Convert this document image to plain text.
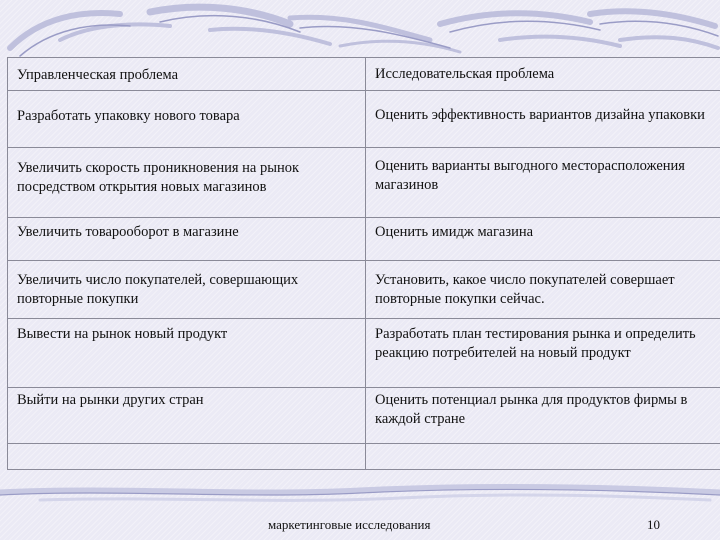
Управленческая проблема	Исследовательская проблема
Разработать упаковку нового товара	Оценить эффективность вариантов дизайна упаковки
Увеличить скорость проникновения на рынок посредством открытия новых магазинов	Оценить варианты выгодного месторасположения магазинов
Увеличить товарооборот в магазине	Оценить имидж магазина
Увеличить число покупателей, совершающих повторные покупки	Установить, какое число покупателей совершает повторные покупки сейчас.
Вывести на рынок новый продукт	Разработать план тестирования рынка и определить реакцию потребителей на новый продукт
Выйти на рынки других стран	Оценить потенциал рынка для продуктов фирмы в каждой стране

маркетинговые исследования	10
